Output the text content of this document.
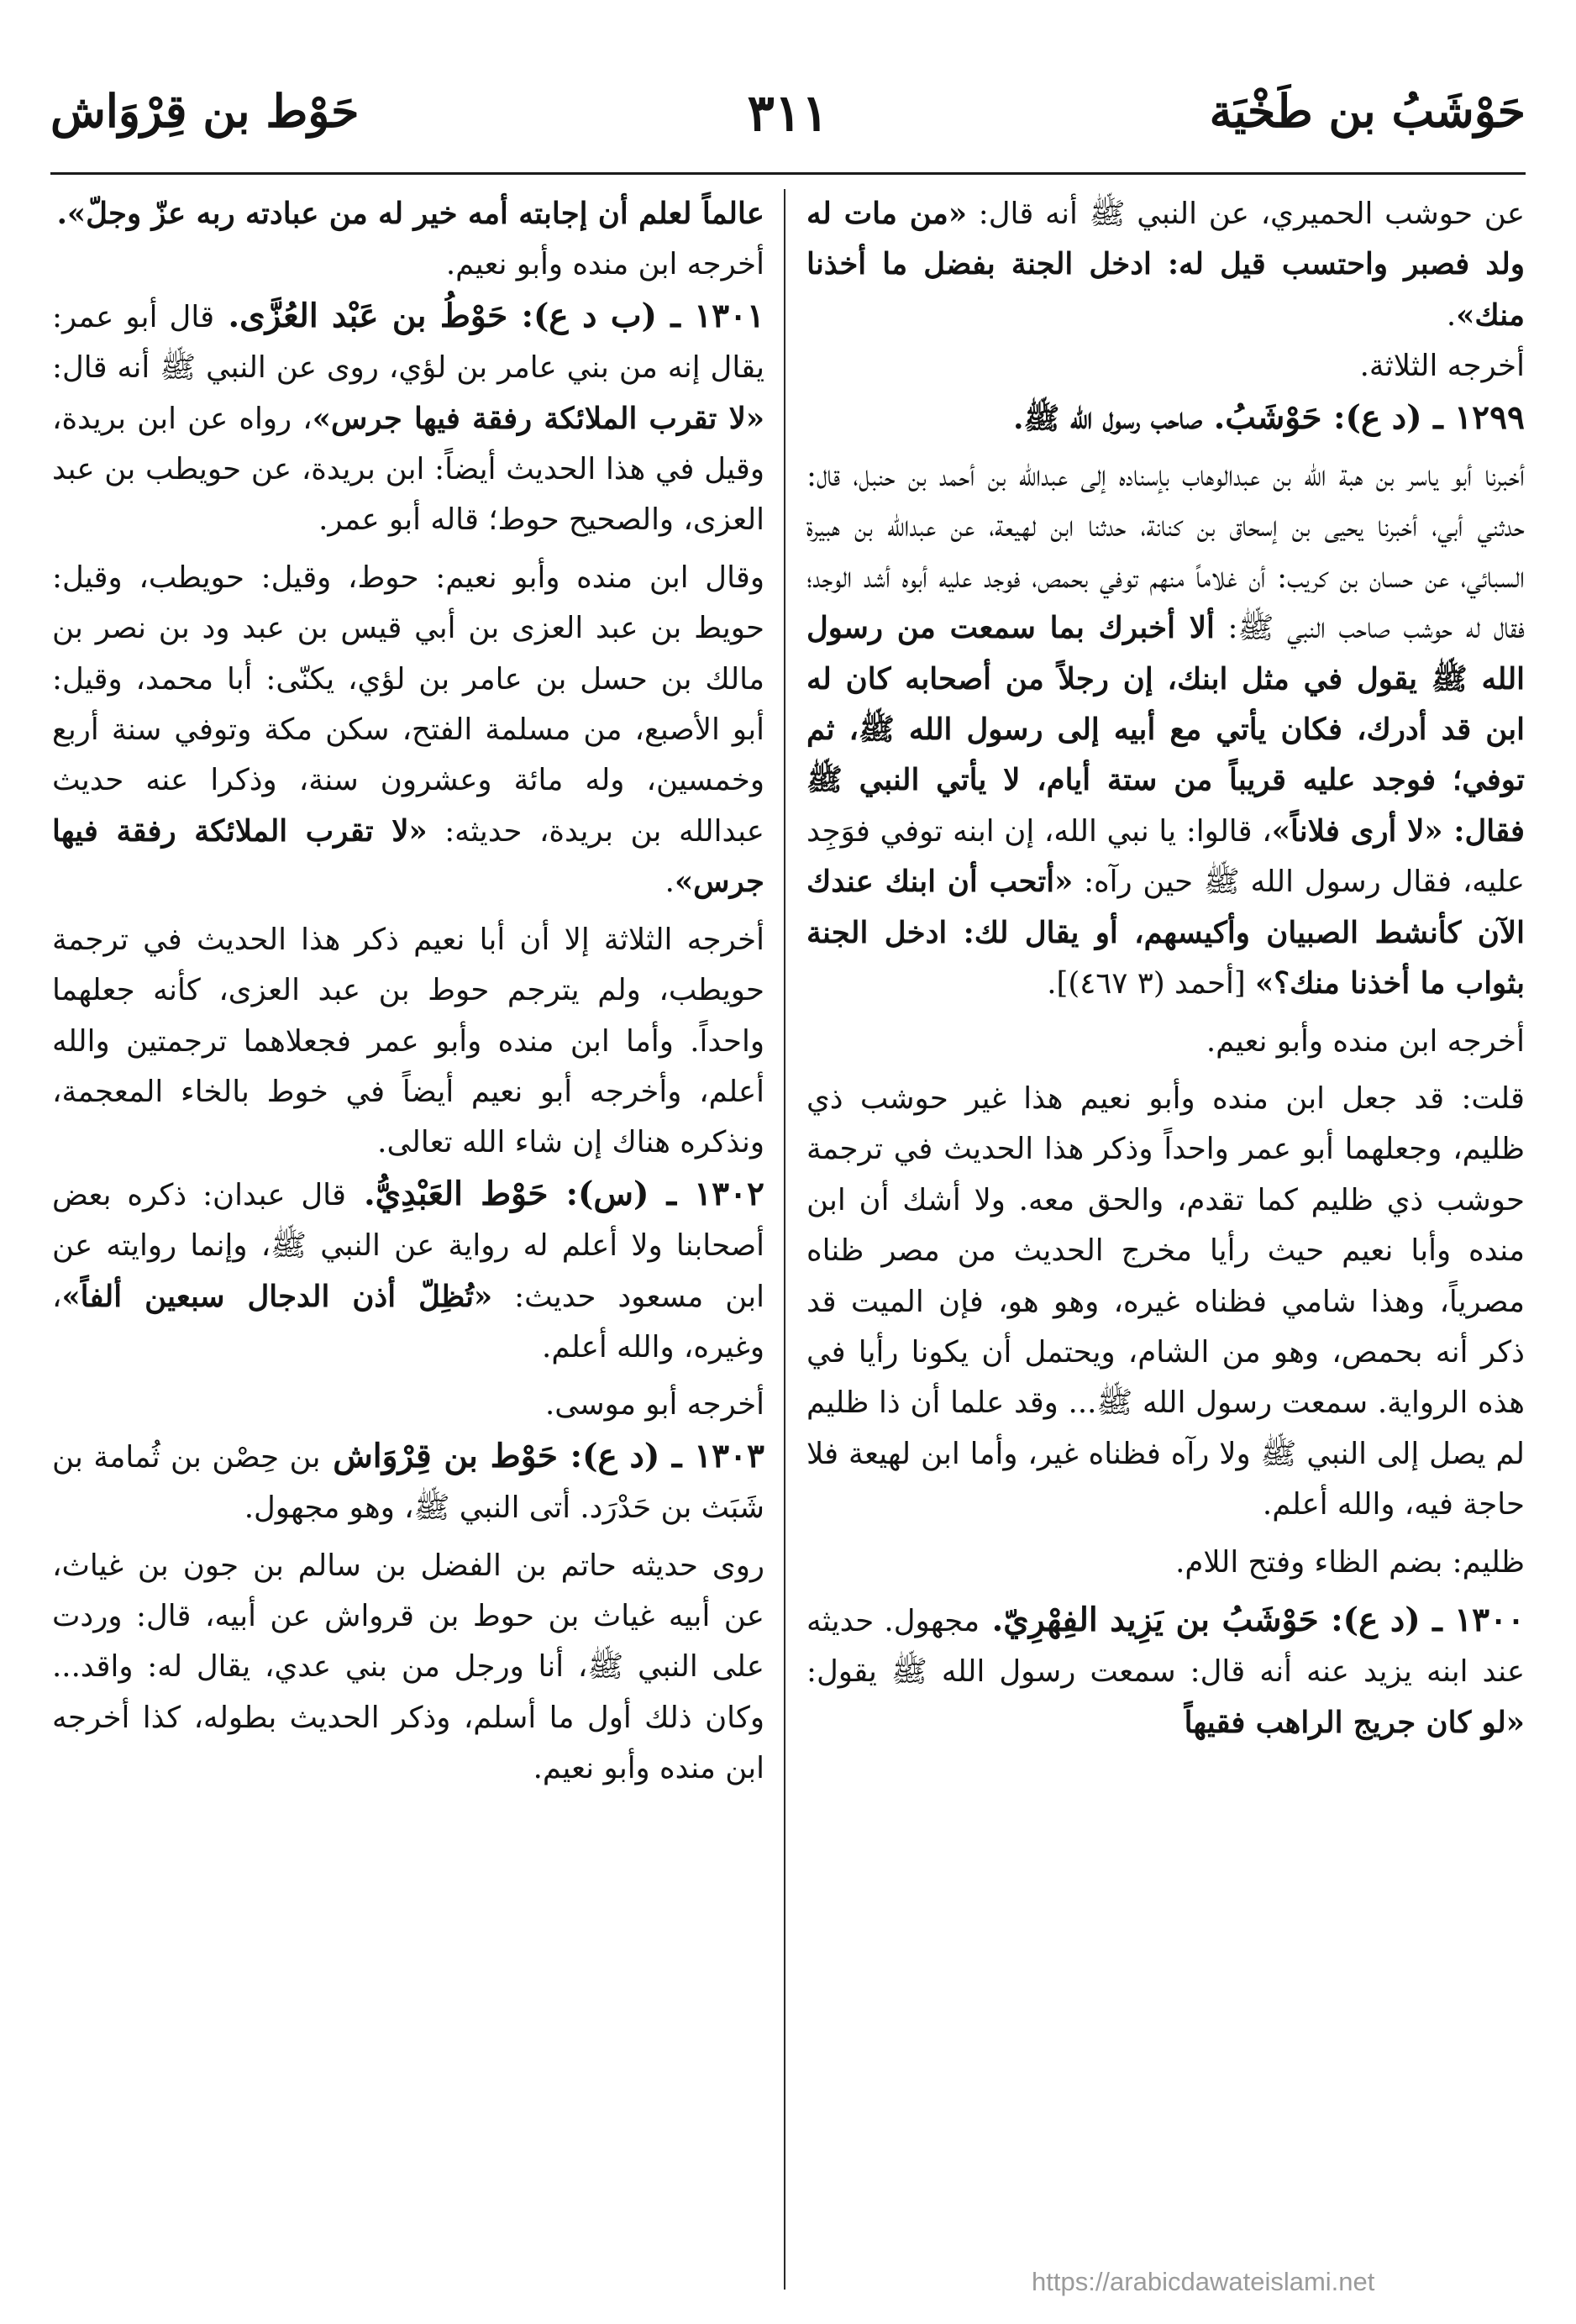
حَوْط بن قِرْوَاش	٣١١	حَوْشَبُ بن طَخْيَة

عن حوشب الحميري، عن النبي ﷺ أنه قال: «من مات له ولد فصبر واحتسب قيل له: ادخل الجنة بفضل ما أخذنا منك».

أخرجه الثلاثة.

١٢٩٩ ـ (د ع): حَوْشَبُ. صاحب رسول الله ﷺ.

أخبرنا أبو ياسر بن هبة الله بن عبدالوهاب بإسناده إلى عبدالله بن أحمد بن حنبل، قال: حدثني أبي، أخبرنا يحيى بن إسحاق بن كنانة، حدثنا ابن لهيعة، عن عبدالله بن هبيرة السبائي، عن حسان بن كريب: أن غلاماً منهم توفي بحمص، فوجد عليه أبوه أشد الوجد؛ فقال له حوشب صاحب النبي ﷺ: ألا أخبرك بما سمعت من رسول الله ﷺ يقول في مثل ابنك، إن رجلاً من أصحابه كان له ابن قد أدرك، فكان يأتي مع أبيه إلى رسول الله ﷺ، ثم توفي؛ فوجد عليه قريباً من ستة أيام، لا يأتي النبي ﷺ فقال: «لا أرى فلاناً»، قالوا: يا نبي الله، إن ابنه توفي فوَجِد عليه، فقال رسول الله ﷺ حين رآه: «أتحب أن ابنك عندك الآن كأنشط الصبيان وأكيسهم، أو يقال لك: ادخل الجنة بثواب ما أخذنا منك؟» [أحمد (٣ ٤٦٧)].

أخرجه ابن منده وأبو نعيم.

قلت: قد جعل ابن منده وأبو نعيم هذا غير حوشب ذي ظليم، وجعلهما أبو عمر واحداً وذكر هذا الحديث في ترجمة حوشب ذي ظليم كما تقدم، والحق معه. ولا أشك أن ابن منده وأبا نعيم حيث رأيا مخرج الحديث من مصر ظناه مصرياً، وهذا شامي فظناه غيره، وهو هو، فإن الميت قد ذكر أنه بحمص، وهو من الشام، ويحتمل أن يكونا رأيا في هذه الرواية. سمعت رسول الله ﷺ... وقد علما أن ذا ظليم لم يصل إلى النبي ﷺ ولا رآه فظناه غير، وأما ابن لهيعة فلا حاجة فيه، والله أعلم.

ظليم: بضم الظاء وفتح اللام.

١٣٠٠ ـ (د ع): حَوْشَبُ بن يَزِيد الفِهْرِيّ. مجهول. حديثه عند ابنه يزيد عنه أنه قال: سمعت رسول الله ﷺ يقول: «لو كان جريج الراهب فقيهاً

عالماً لعلم أن إجابته أمه خير له من عبادته ربه عزّ وجلّ».

أخرجه ابن منده وأبو نعيم.

١٣٠١ ـ (ب د ع): حَوْطُ بن عَبْد العُزَّى. قال أبو عمر: يقال إنه من بني عامر بن لؤي، روى عن النبي ﷺ أنه قال: «لا تقرب الملائكة رفقة فيها جرس»، رواه عن ابن بريدة، وقيل في هذا الحديث أيضاً: ابن بريدة، عن حويطب بن عبد العزى، والصحيح حوط؛ قاله أبو عمر.

وقال ابن منده وأبو نعيم: حوط، وقيل: حويطب، وقيل: حويط بن عبد العزى بن أبي قيس بن عبد ود بن نصر بن مالك بن حسل بن عامر بن لؤي، يكنّى: أبا محمد، وقيل: أبو الأصبع، من مسلمة الفتح، سكن مكة وتوفي سنة أربع وخمسين، وله مائة وعشرون سنة، وذكرا عنه حديث عبدالله بن بريدة، حديثه: «لا تقرب الملائكة رفقة فيها جرس».

أخرجه الثلاثة إلا أن أبا نعيم ذكر هذا الحديث في ترجمة حويطب، ولم يترجم حوط بن عبد العزى، كأنه جعلهما واحداً. وأما ابن منده وأبو عمر فجعلاهما ترجمتين والله أعلم، وأخرجه أبو نعيم أيضاً في خوط بالخاء المعجمة، ونذكره هناك إن شاء الله تعالى.

١٣٠٢ ـ (س): حَوْط العَبْدِيُّ. قال عبدان: ذكره بعض أصحابنا ولا أعلم له رواية عن النبي ﷺ، وإنما روايته عن ابن مسعود حديث: «تُظِلّ أذن الدجال سبعين ألفاً»، وغيره، والله أعلم.

أخرجه أبو موسى.

١٣٠٣ ـ (د ع): حَوْط بن قِرْوَاش بن حِصْن بن ثُمامة بن شَبَث بن حَدْرَد. أتى النبي ﷺ، وهو مجهول.

روى حديثه حاتم بن الفضل بن سالم بن جون بن غياث، عن أبيه غياث بن حوط بن قرواش عن أبيه، قال: وردت على النبي ﷺ، أنا ورجل من بني عدي، يقال له: واقد... وكان ذلك أول ما أسلم، وذكر الحديث بطوله، كذا أخرجه ابن منده وأبو نعيم.

https://arabicdawateislami.net
